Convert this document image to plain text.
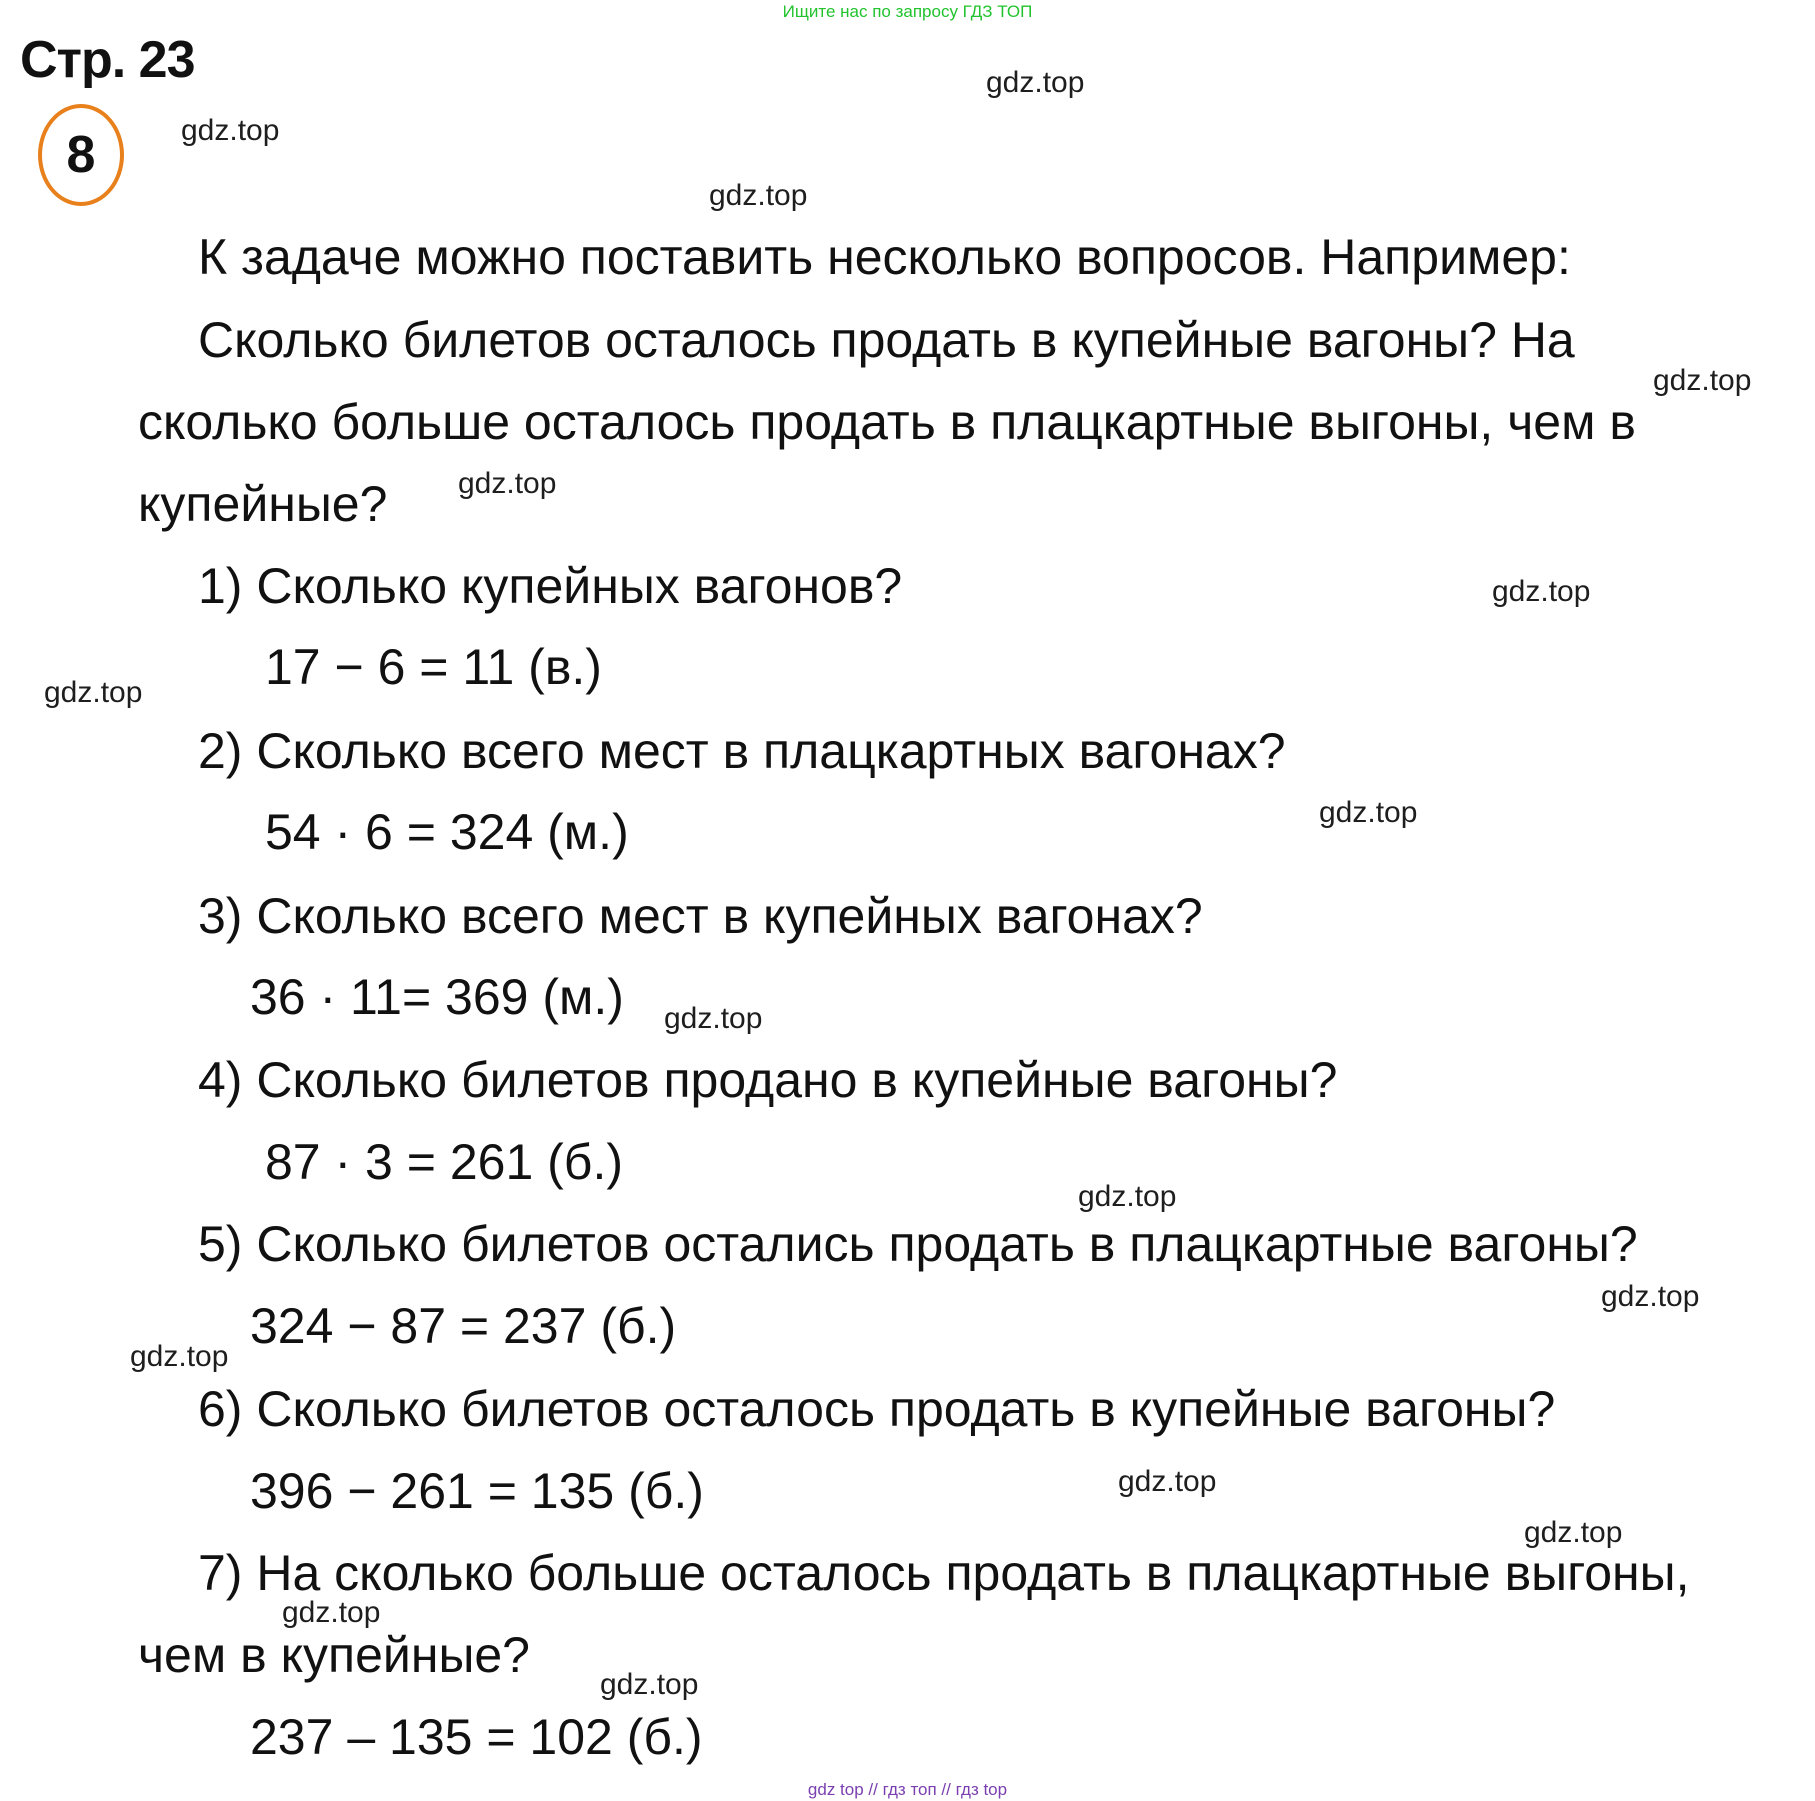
Ищите нас по запросу ГДЗ ТОП
Стр. 23
8
gdz.top
gdz.top
gdz.top
gdz.top
gdz.top
gdz.top
gdz.top
gdz.top
gdz.top
gdz.top
gdz.top
gdz.top
gdz.top
gdz.top
gdz.top
gdz.top
К задаче можно поставить несколько вопросов. Например:
Сколько билетов осталось продать в купейные вагоны? На
сколько больше осталось продать в плацкартные выгоны, чем в
купейные?
1) Сколько купейных вагонов?
17 − 6 = 11 (в.)
2) Сколько всего мест в плацкартных вагонах?
54 · 6 = 324 (м.)
3) Сколько всего мест в купейных вагонах?
36 · 11= 369 (м.)
4) Сколько билетов продано в купейные вагоны?
87 · 3 = 261 (б.)
5) Сколько билетов остались продать в плацкартные вагоны?
324 − 87 = 237 (б.)
6) Сколько билетов осталось продать в купейные вагоны?
396 − 261 = 135 (б.)
7) На сколько больше осталось продать в плацкартные выгоны,
чем в купейные?
237 – 135 = 102 (б.)
gdz top // гдз топ // гдз top
